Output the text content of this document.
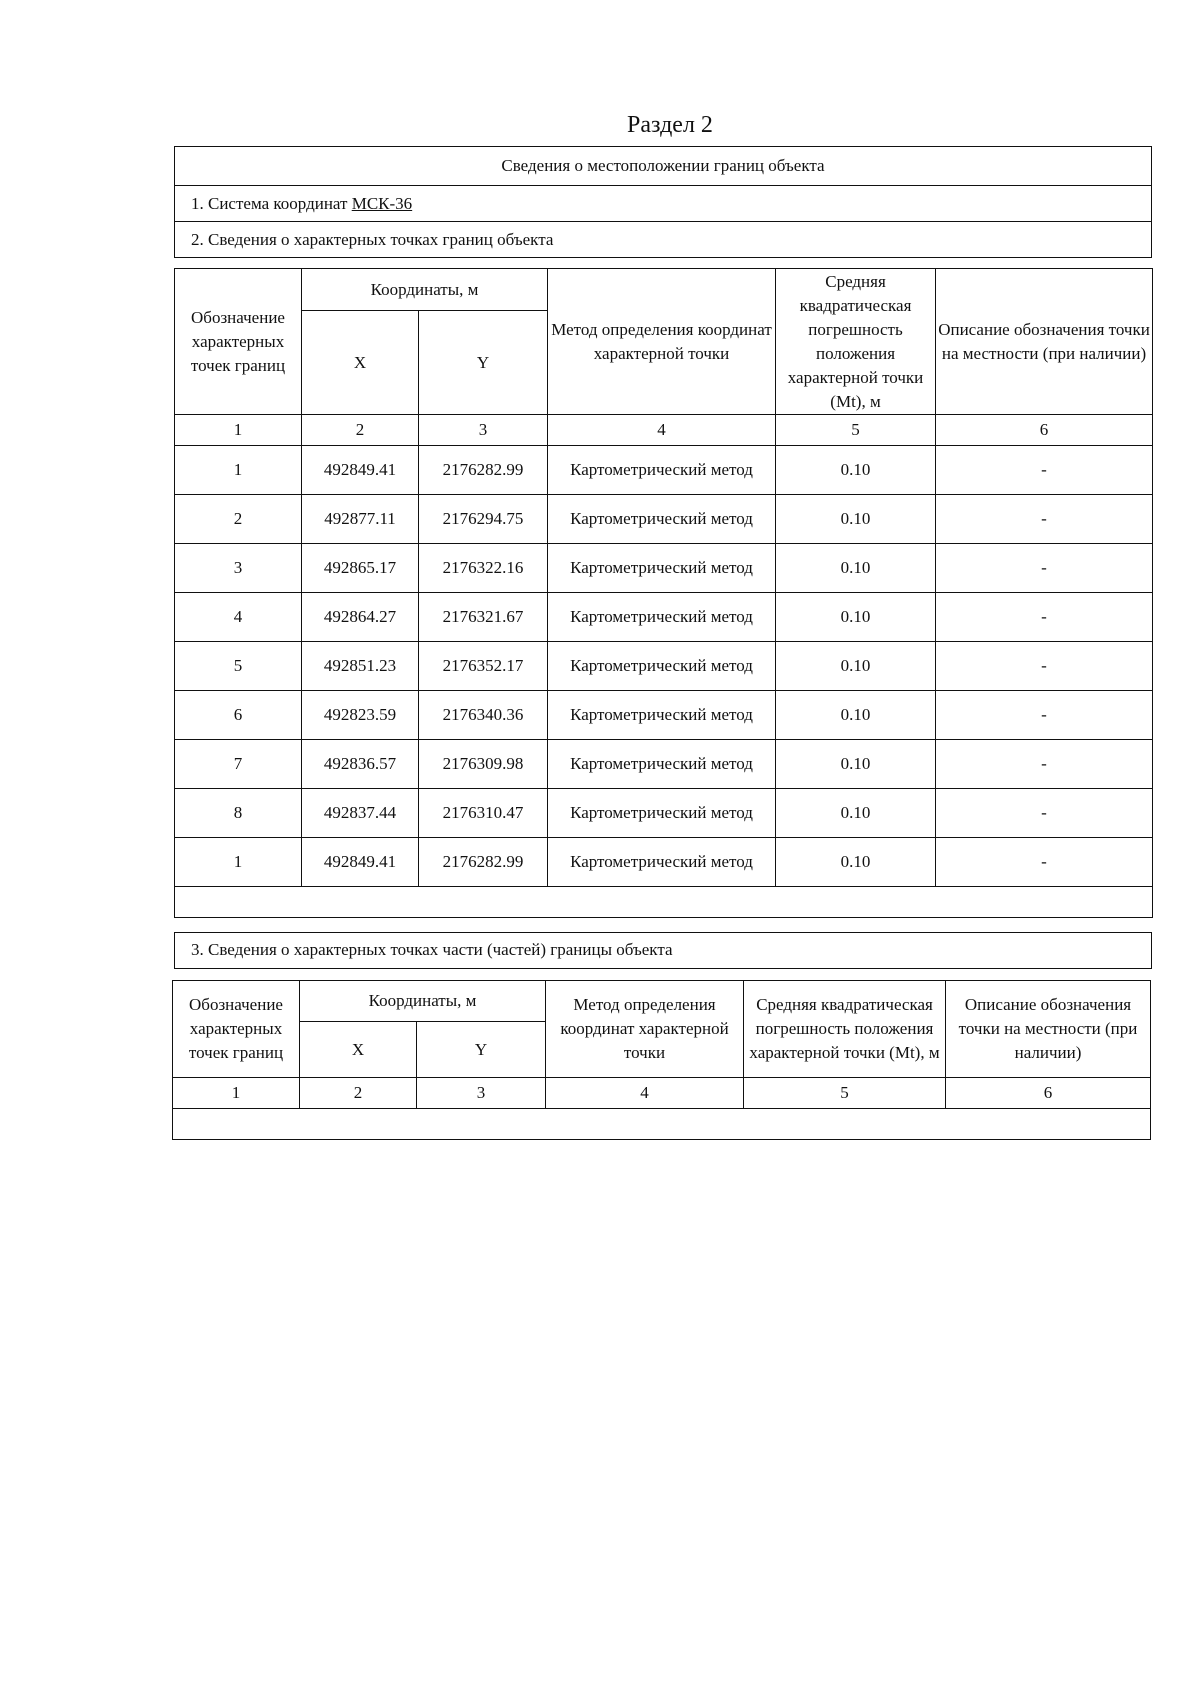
Раздел 2
Сведения о местоположении границ объекта
1. Система координат
МСК-36
2. Сведения о характерных точках границ объекта
Обозначение характерных точек границ	Координаты, м		Метод определения координат характерной точки	Средняя квадратическая погрешность положения характерной точки (Mt), м	Описание обозначения точки на местности (при наличии)
	X	Y			
1	2	3	4	5	6
1	492849.41	2176282.99	Картометрический метод	0.10	-
2	492877.11	2176294.75	Картометрический метод	0.10	-
3	492865.17	2176322.16	Картометрический метод	0.10	-
4	492864.27	2176321.67	Картометрический метод	0.10	-
5	492851.23	2176352.17	Картометрический метод	0.10	-
6	492823.59	2176340.36	Картометрический метод	0.10	-
7	492836.57	2176309.98	Картометрический метод	0.10	-
8	492837.44	2176310.47	Картометрический метод	0.10	-
1	492849.41	2176282.99	Картометрический метод	0.10	-

3. Сведения о характерных точках части (частей) границы объекта
Обозначение характерных точек границ	Координаты, м		Метод определения координат характерной точки	Средняя квадратическая погрешность положения характерной точки (Mt), м	Описание обозначения точки на местности (при наличии)
	X	Y			
1	2	3	4	5	6
